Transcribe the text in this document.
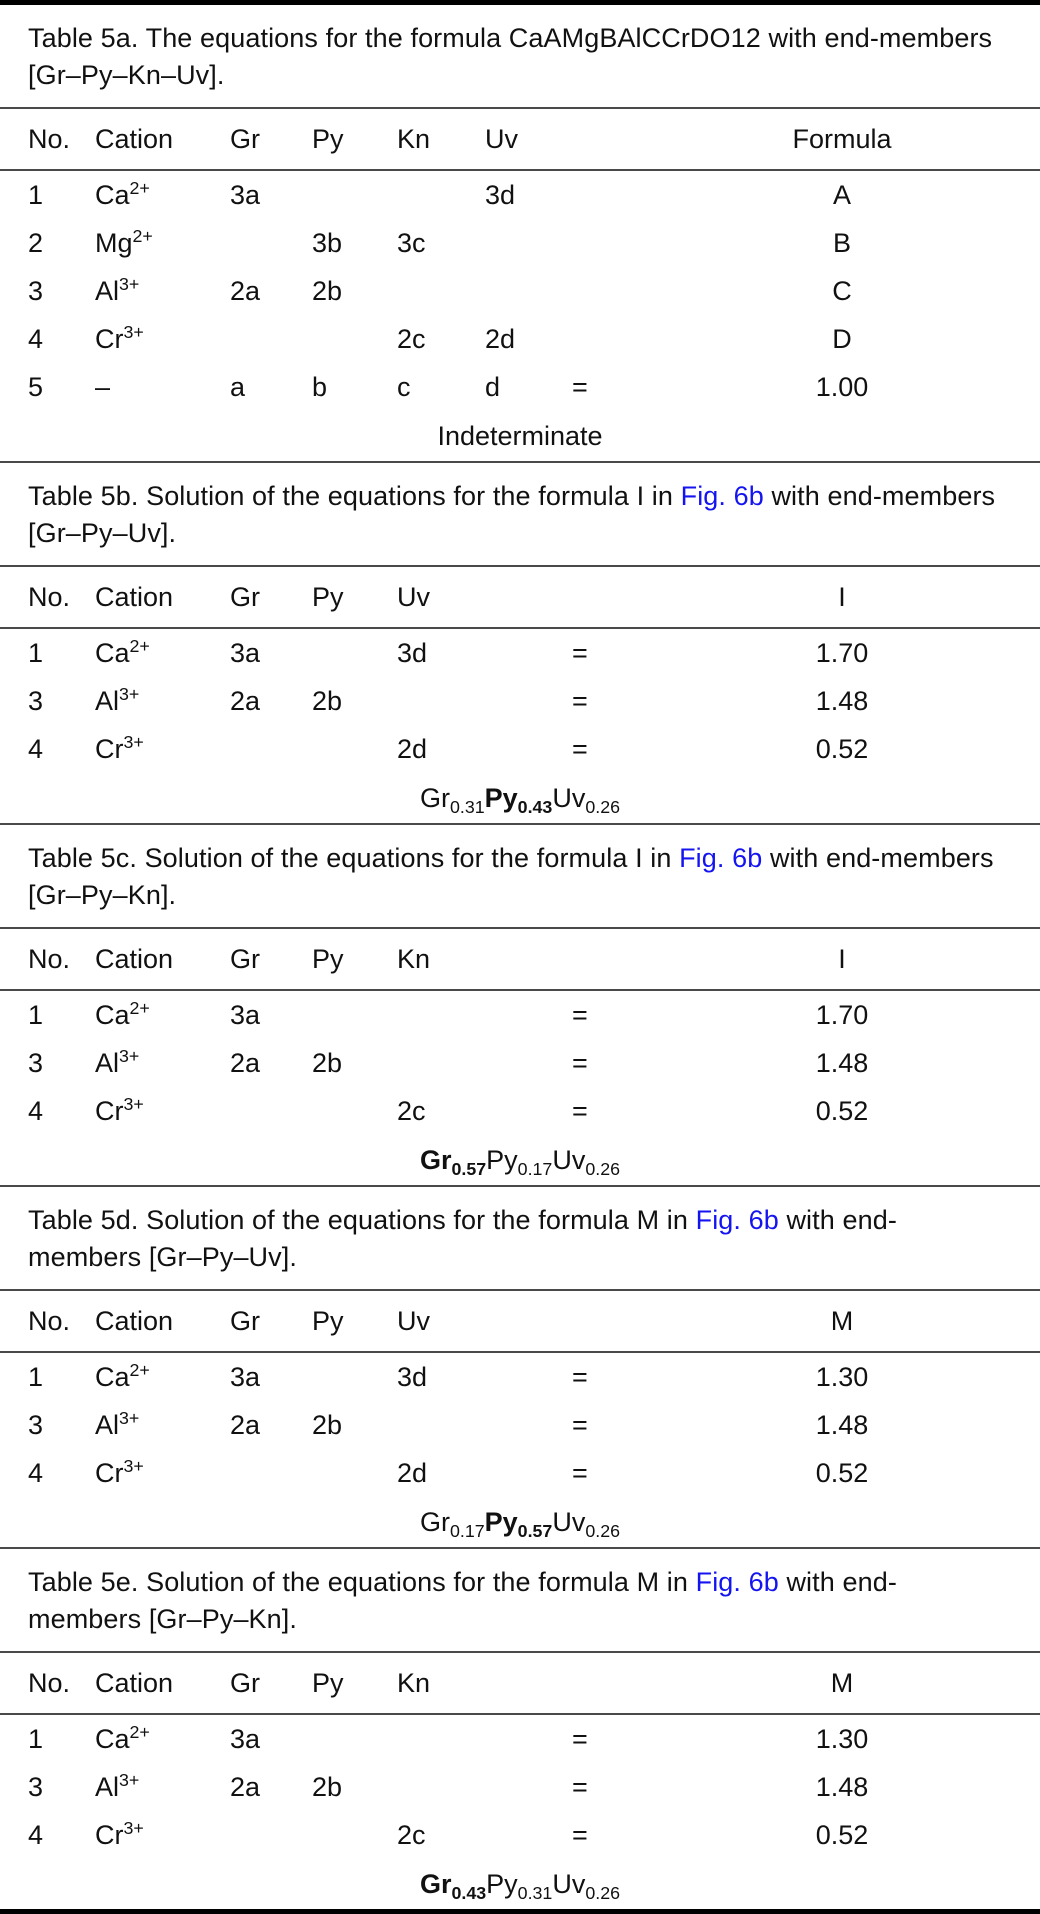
Table 5a. The equations for the formula CaAMgBAlCCrDO12 with end-members [Gr–Py–Kn–Uv].
No.	Cation	Gr	Py	Kn	Uv		Formula
1	$Ca^{2+}$	3a			3d		A
2	$Mg^{2+}$		3b	3c			B
3	$Al^{3+}$	2a	2b				C
4	$Cr^{3+}$			2c	2d		D
5	–	a	b	c	d	=	1.00
Indeterminate							
Table 5b. Solution of the equations for the formula I in Fig. 6b with end-members [Gr–Py–Uv].
No.	Cation	Gr	Py	Uv		I
1	$Ca^{2+}$	3a		3d	=	1.70
3	$Al^{3+}$	2a	2b		=	1.48
4	$Cr^{3+}$			2d	=	0.52
$Gr_{0.31}Py_{0.43}Uv_{0.26}$
Table 5c. Solution of the equations for the formula I in Fig. 6b with end-members [Gr–Py–Kn].
No.	Cation	Gr	Py	Kn		I
1	$Ca^{2+}$	3a			=	1.70
3	$Al^{3+}$	2a	2b		=	1.48
4	$Cr^{3+}$			2c	=	0.52
$Gr_{0.57}Py_{0.17}Uv_{0.26}$
Table 5d. Solution of the equations for the formula M in Fig. 6b with end-members [Gr–Py–Uv].
No.	Cation	Gr	Py	Uv		M
1	$Ca^{2+}$	3a		3d	=	1.30
3	$Al^{3+}$	2a	2b		=	1.48
4	$Cr^{3+}$			2d	=	0.52
$Gr_{0.17}Py_{0.57}Uv_{0.26}$
Table 5e. Solution of the equations for the formula M in Fig. 6b with end-members [Gr–Py–Kn].
No.	Cation	Gr	Py	Kn		M
1	$Ca^{2+}$	3a			=	1.30
3	$Al^{3+}$	2a	2b		=	1.48
4	$Cr^{3+}$			2c	=	0.52
$Gr_{0.43}Py_{0.31}Uv_{0.26}$
